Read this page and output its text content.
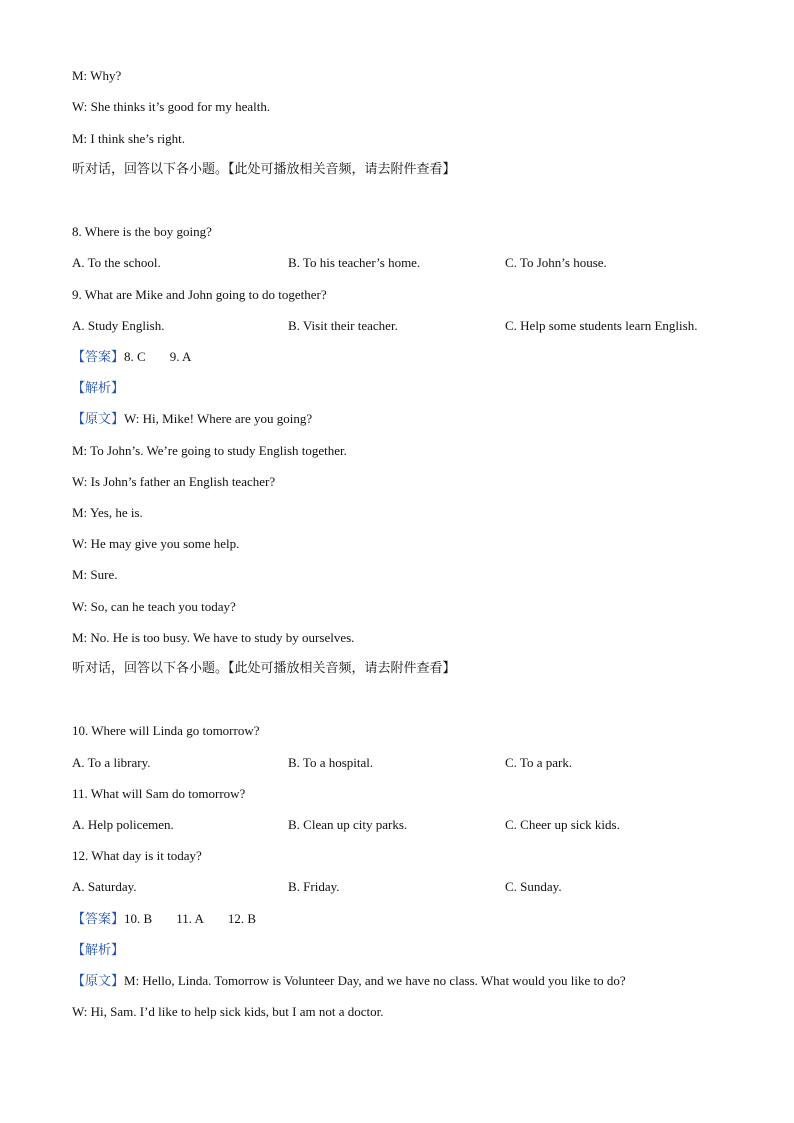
M: Why?
W: She thinks it’s good for my health.
M: I think she’s right.
听对话，回答以下各小题。【此处可播放相关音频，请去附件查看】
8. Where is the boy going?
A. To the school.	B. To his teacher’s home.	C. To John’s house.
9. What are Mike and John going to do together?
A. Study English.	B. Visit their teacher.	C. Help some students learn English.
【答案】8. C 9. A
【解析】
【原文】W: Hi, Mike! Where are you going?
M: To John’s. We’re going to study English together.
W: Is John’s father an English teacher?
M: Yes, he is.
W: He may give you some help.
M: Sure.
W: So, can he teach you today?
M: No. He is too busy. We have to study by ourselves.
听对话，回答以下各小题。【此处可播放相关音频，请去附件查看】
10. Where will Linda go tomorrow?
A. To a library.	B. To a hospital.	C. To a park.
11. What will Sam do tomorrow?
A. Help policemen.	B. Clean up city parks.	C. Cheer up sick kids.
12. What day is it today?
A. Saturday.	B. Friday.	C. Sunday.
【答案】10. B 11. A 12. B
【解析】
【原文】M: Hello, Linda. Tomorrow is Volunteer Day, and we have no class. What would you like to do?
W: Hi, Sam. I’d like to help sick kids, but I am not a doctor.
